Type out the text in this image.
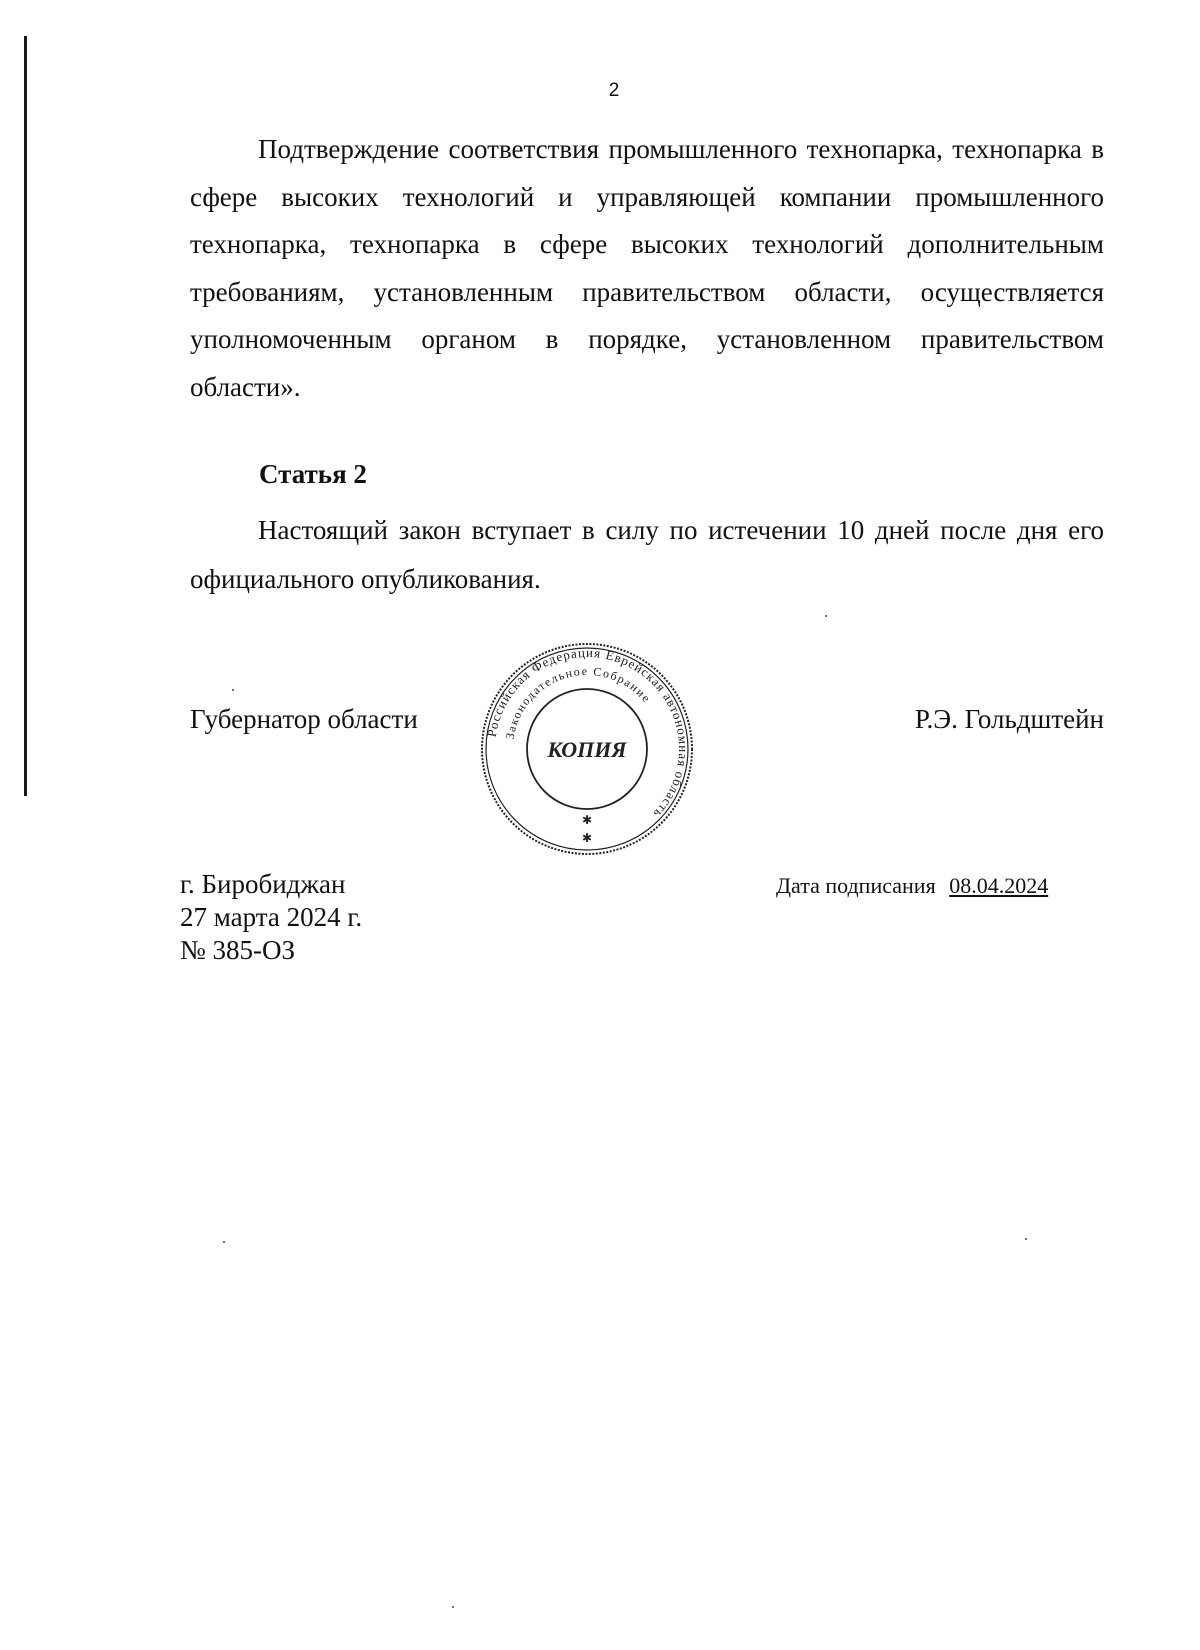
2

Подтверждение соответствия промышленного технопарка, технопарка в сфере высоких технологий и управляющей компании промышленного технопарка, технопарка в сфере высоких технологий дополнительным требованиям, установленным правительством области, осуществляется уполномоченным органом в порядке, установленном правительством области».

Статья 2

Настоящий закон вступает в силу по истечении 10 дней после дня его официального опубликования.

Губернатор области	Российская Федерация Еврейская автономная область
Законодательное Собрание
КОПИЯ
✱
✱
Р.Э. Гольдштейн
г. Биробиджан
27 марта 2024 г.
№ 385-ОЗ
Дата подписания 08.04.2024
